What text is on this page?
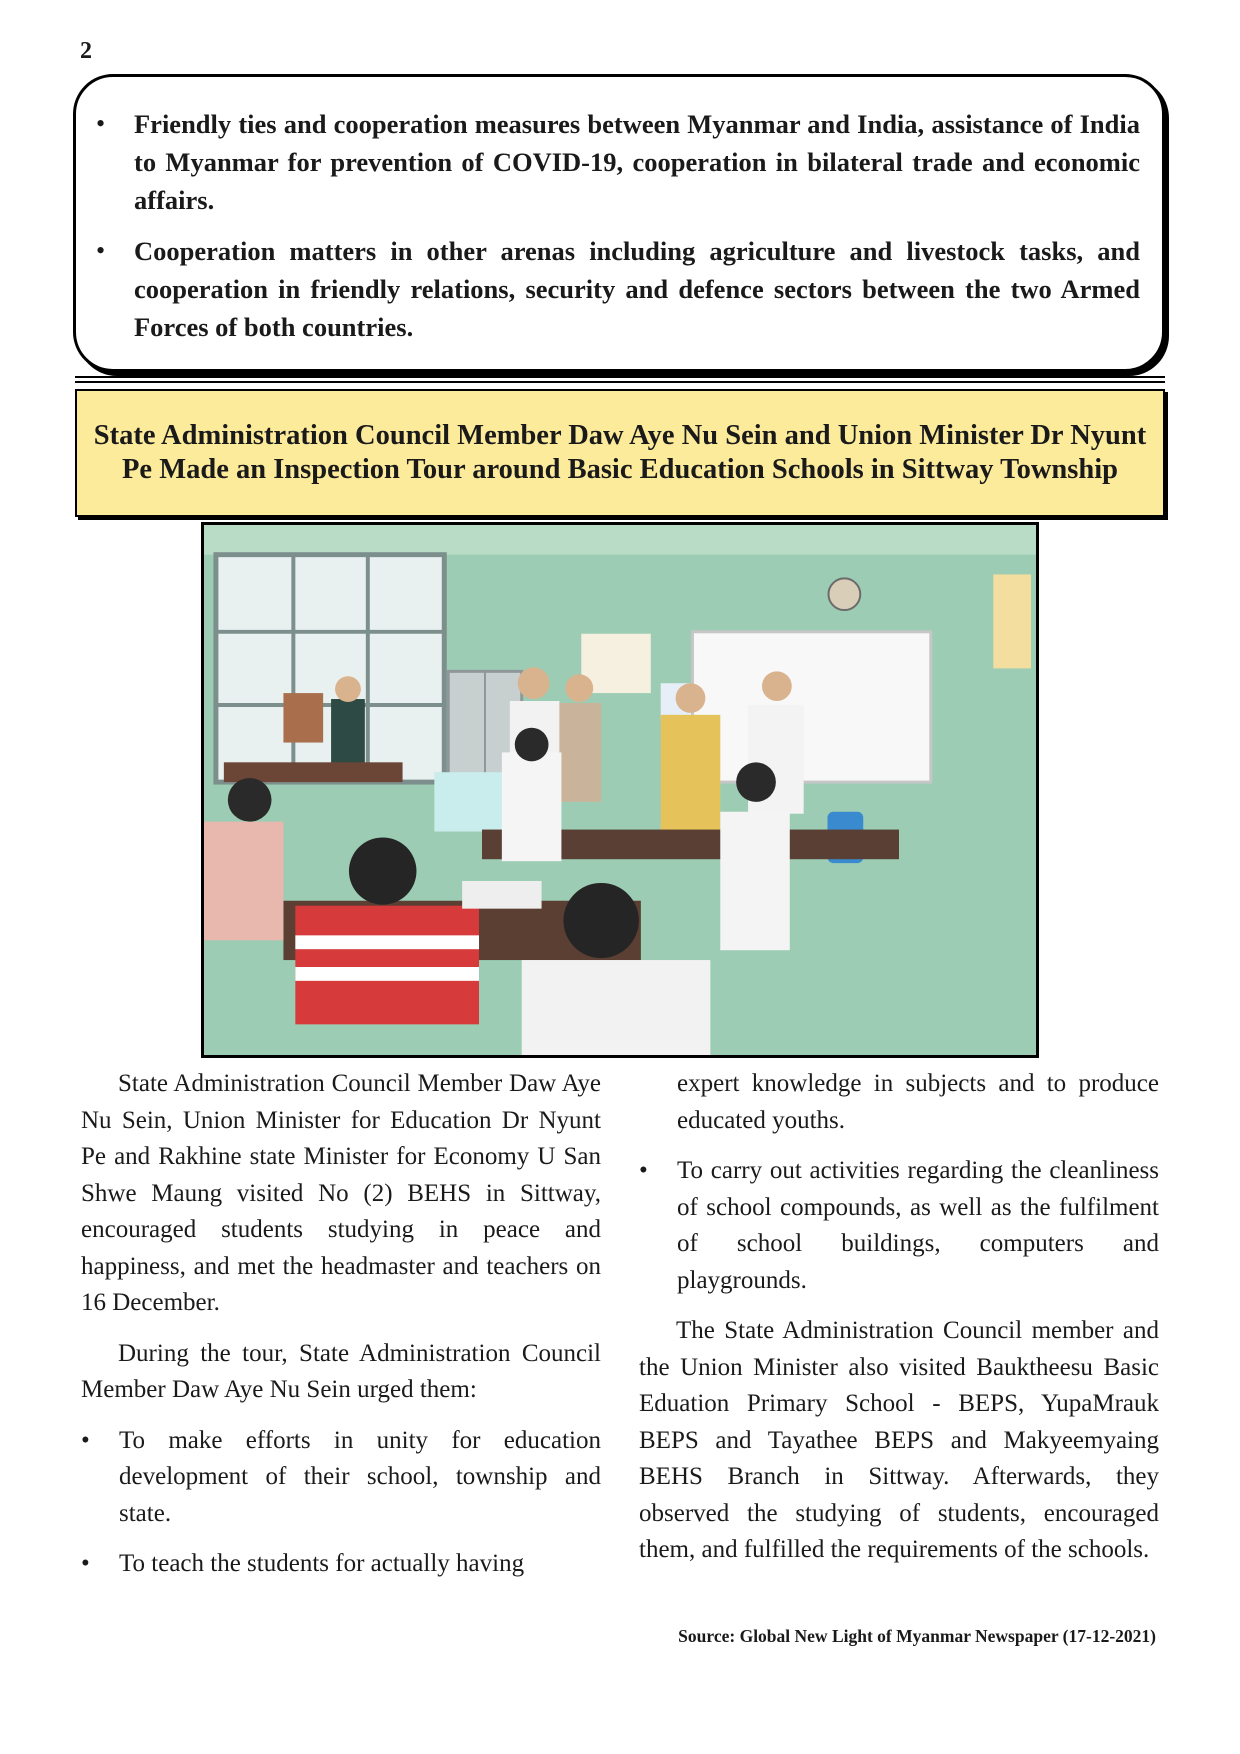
2
• Friendly ties and cooperation measures between Myanmar and India, assistance of India to Myanmar for prevention of COVID-19, cooperation in bilateral trade and economic affairs.
• Cooperation matters in other arenas including agriculture and livestock tasks, and cooperation in friendly relations, security and defence sectors between the two Armed Forces of both countries.
State Administration Council Member Daw Aye Nu Sein and Union Minister Dr Nyunt Pe Made an Inspection Tour around Basic Education Schools in Sittway Township

State Administration Council Member Daw Aye Nu Sein, Union Minister for Education Dr Nyunt Pe and Rakhine state Minister for Economy U San Shwe Maung visited No (2) BEHS in Sittway, encouraged students studying in peace and happiness, and met the headmaster and teachers on 16 December.

During the tour, State Administration Council Member Daw Aye Nu Sein urged them:

• To make efforts in unity for education development of their school, township and state.
• To teach the students for actually having

expert knowledge in subjects and to produce educated youths.

• To carry out activities regarding the cleanliness of school compounds, as well as the fulfilment of school buildings, computers and playgrounds.

The State Administration Council member and the Union Minister also visited Bauktheesu Basic Eduation Primary School - BEPS, YupaMrauk BEPS and Tayathee BEPS and Makyeemyaing BEHS Branch in Sittway. Afterwards, they observed the studying of students, encouraged them, and fulfilled the requirements of the schools.

Source: Global New Light of Myanmar Newspaper (17-12-2021)
